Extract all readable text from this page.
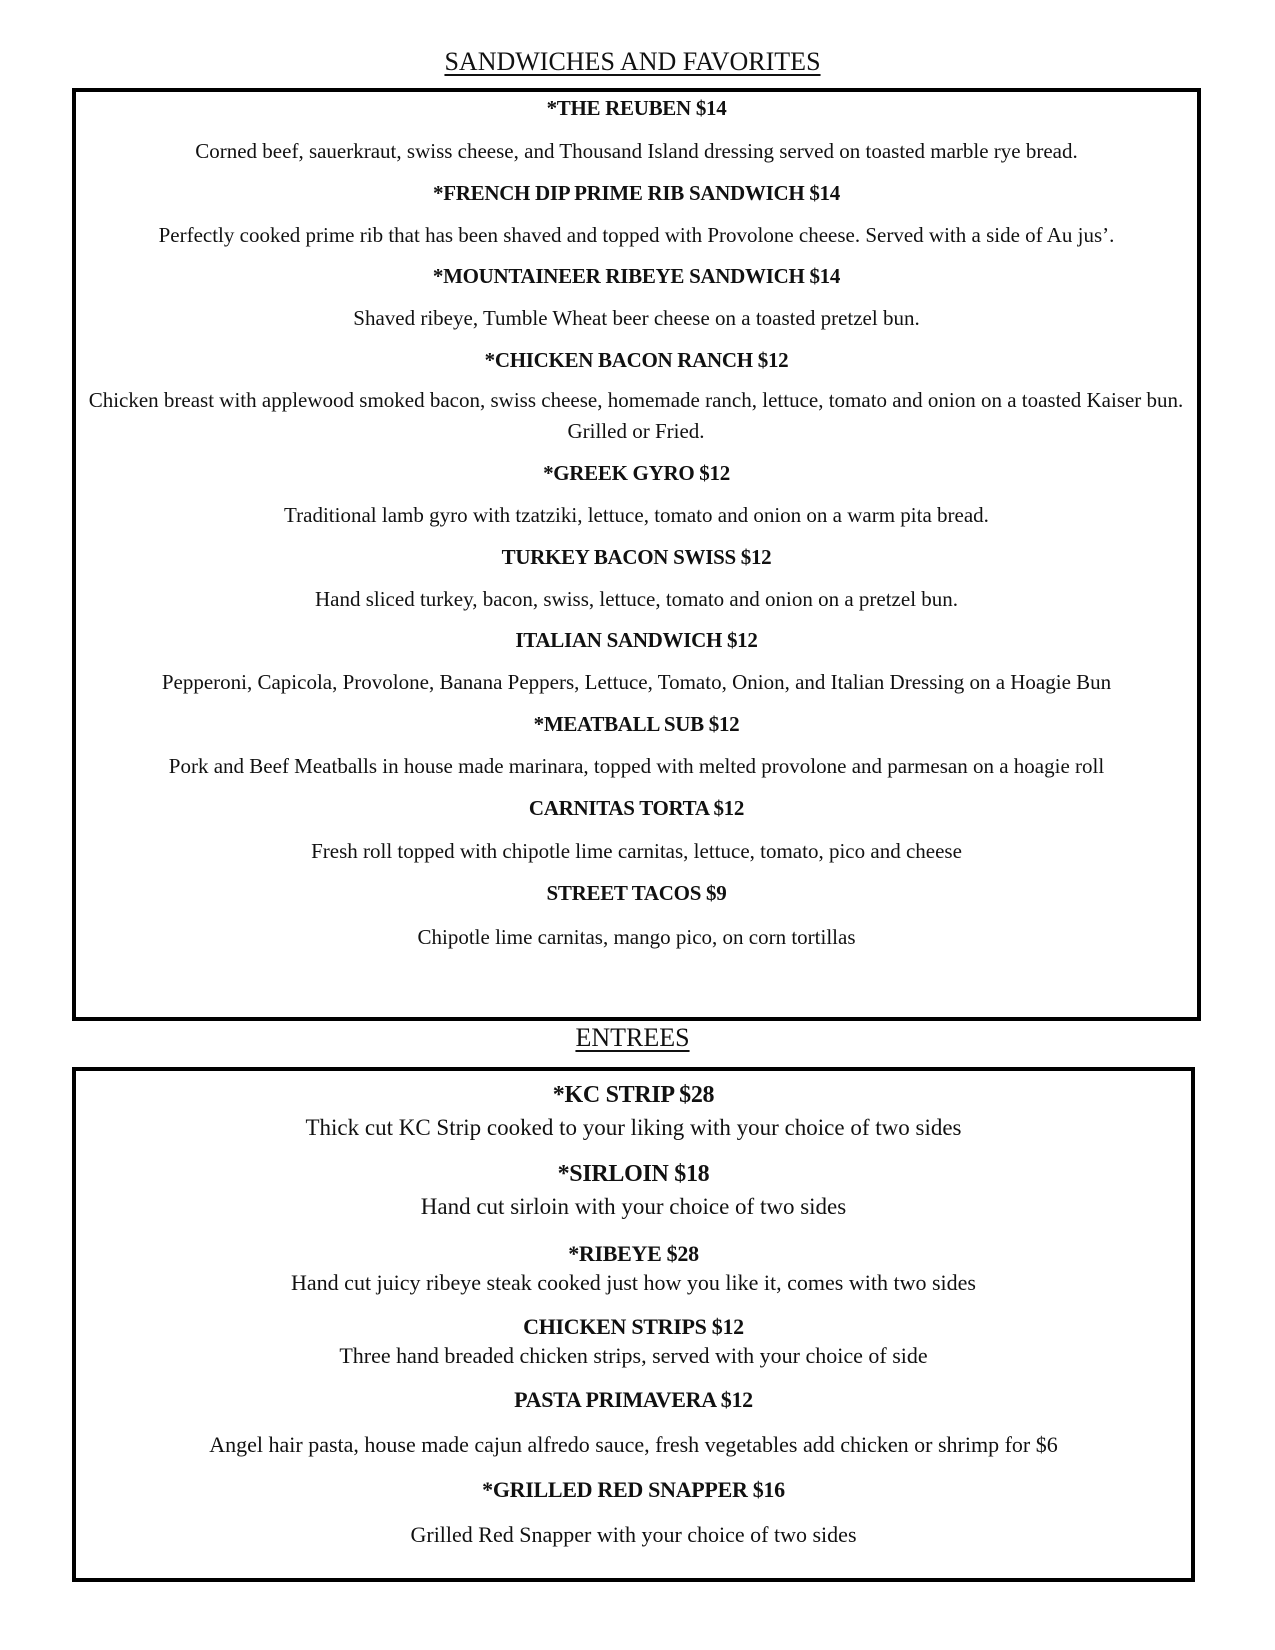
SANDWICHES AND FAVORITES
*THE REUBEN $14
Corned beef, sauerkraut, swiss cheese, and Thousand Island dressing served on toasted marble rye bread.
*FRENCH DIP PRIME RIB SANDWICH $14
Perfectly cooked prime rib that has been shaved and topped with Provolone cheese. Served with a side of Au jus’.
*MOUNTAINEER RIBEYE SANDWICH $14
Shaved ribeye, Tumble Wheat beer cheese on a toasted pretzel bun.
*CHICKEN BACON RANCH $12
Chicken breast with applewood smoked bacon, swiss cheese, homemade ranch, lettuce, tomato and onion on a toasted Kaiser bun. Grilled or Fried.
*GREEK GYRO $12
Traditional lamb gyro with tzatziki, lettuce, tomato and onion on a warm pita bread.
TURKEY BACON SWISS $12
Hand sliced turkey, bacon, swiss, lettuce, tomato and onion on a pretzel bun.
ITALIAN SANDWICH $12
Pepperoni, Capicola, Provolone, Banana Peppers, Lettuce, Tomato, Onion, and Italian Dressing on a Hoagie Bun
*MEATBALL SUB $12
Pork and Beef Meatballs in house made marinara, topped with melted provolone and parmesan on a hoagie roll
CARNITAS TORTA $12
Fresh roll topped with chipotle lime carnitas, lettuce, tomato, pico and cheese
STREET TACOS $9
Chipotle lime carnitas, mango pico, on corn tortillas
ENTREES
*KC STRIP $28
Thick cut KC Strip cooked to your liking with your choice of two sides
*SIRLOIN $18
Hand cut sirloin with your choice of two sides
*RIBEYE $28
Hand cut juicy ribeye steak cooked just how you like it, comes with two sides
CHICKEN STRIPS $12
Three hand breaded chicken strips, served with your choice of side
PASTA PRIMAVERA $12
Angel hair pasta, house made cajun alfredo sauce, fresh vegetables add chicken or shrimp for $6
*GRILLED RED SNAPPER $16
Grilled Red Snapper with your choice of two sides
